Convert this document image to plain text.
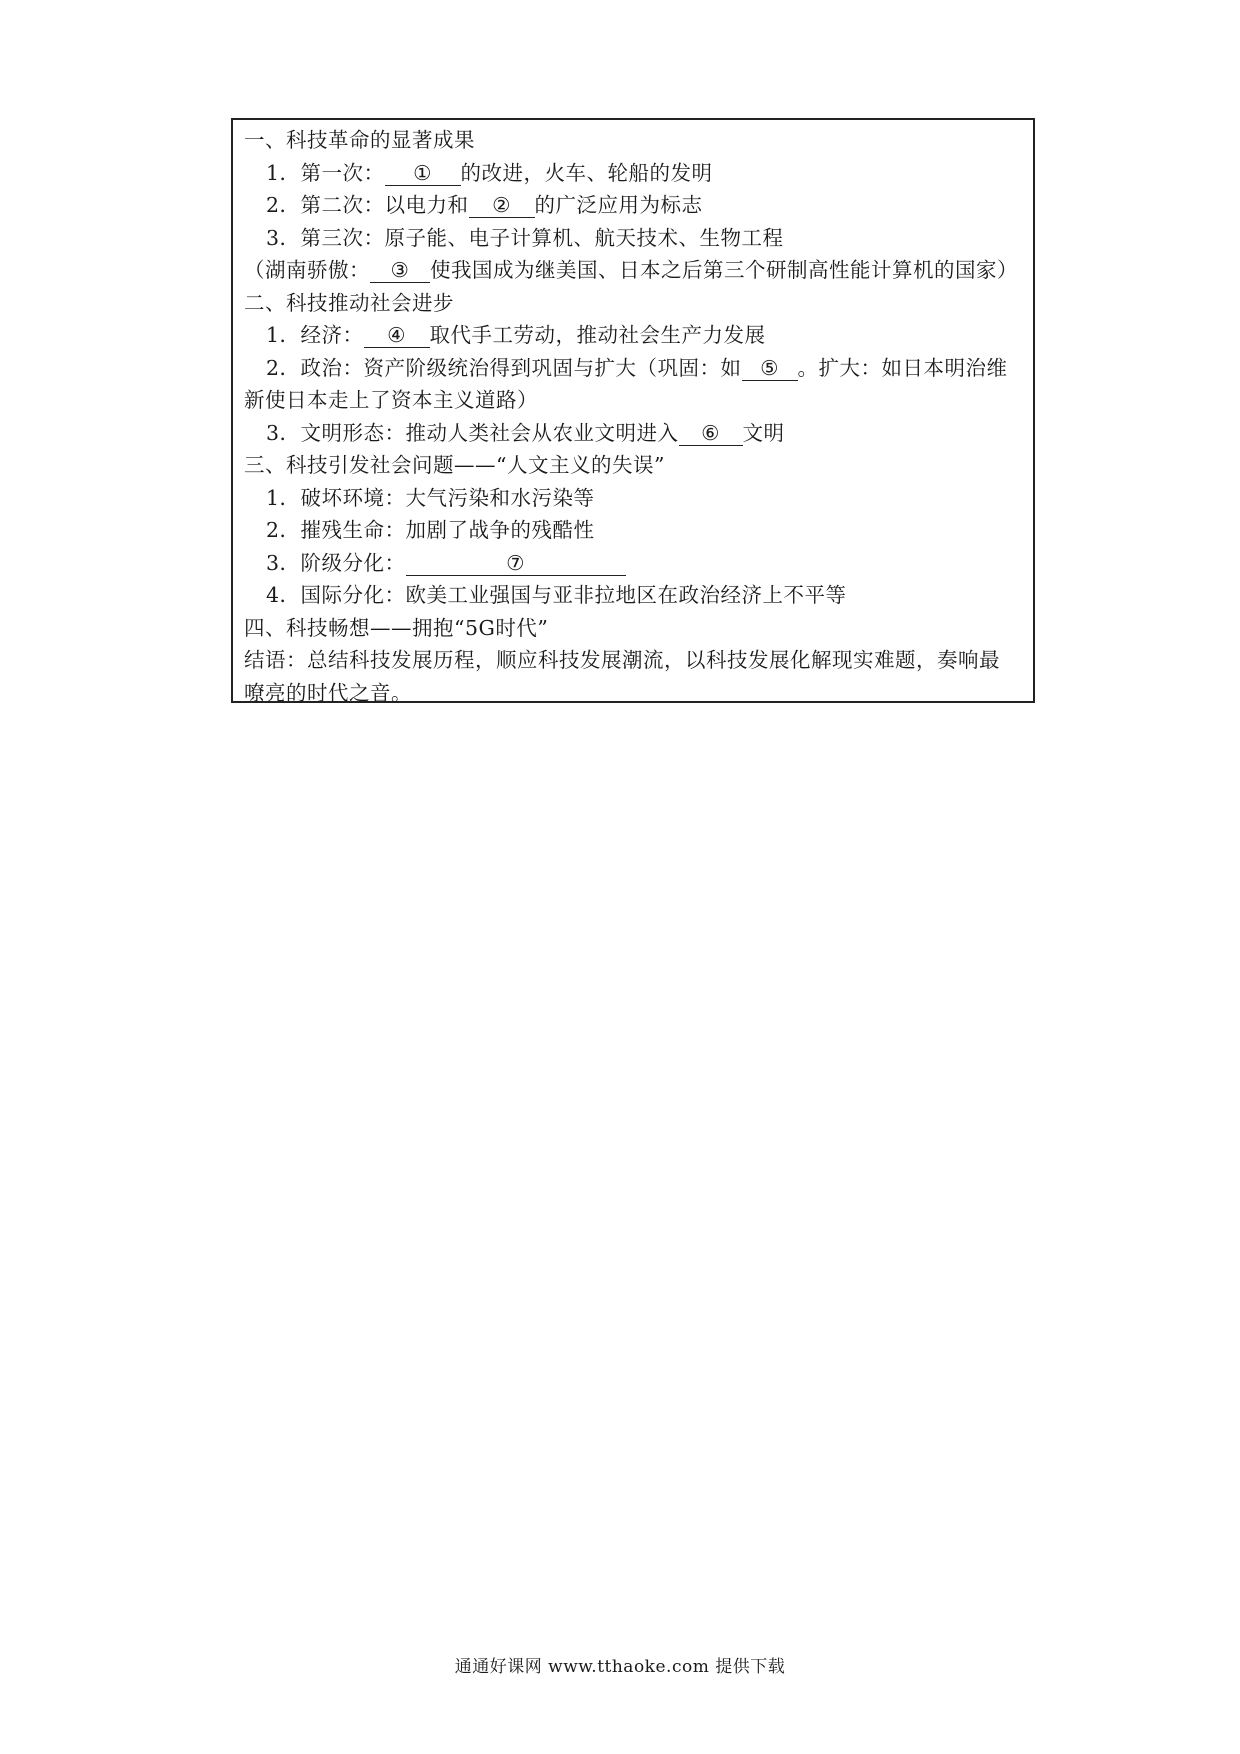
一、科技革命的显著成果
1．第一次： ① 的改进，火车、轮船的发明
2．第二次：以电力和 ② 的广泛应用为标志
3．第三次：原子能、电子计算机、航天技术、生物工程
（湖南骄傲： ③ 使我国成为继美国、日本之后第三个研制高性能计算机的国家）
二、科技推动社会进步
1．经济： ④ 取代手工劳动，推动社会生产力发展
2．政治：资产阶级统治得到巩固与扩大（巩固：如 ⑤ 。扩大：如日本明治维
新使日本走上了资本主义道路）
3．文明形态：推动人类社会从农业文明进入 ⑥ 文明
三、科技引发社会问题——“人文主义的失误”
1．破坏环境：大气污染和水污染等
2．摧残生命：加剧了战争的残酷性
3．阶级分化：	⑦
4．国际分化：欧美工业强国与亚非拉地区在政治经济上不平等
四、科技畅想——拥抱“5G时代”
结语：总结科技发展历程，顺应科技发展潮流，以科技发展化解现实难题，奏响最
嘹亮的时代之音。
通通好课网 www.tthaoke.com 提供下载
